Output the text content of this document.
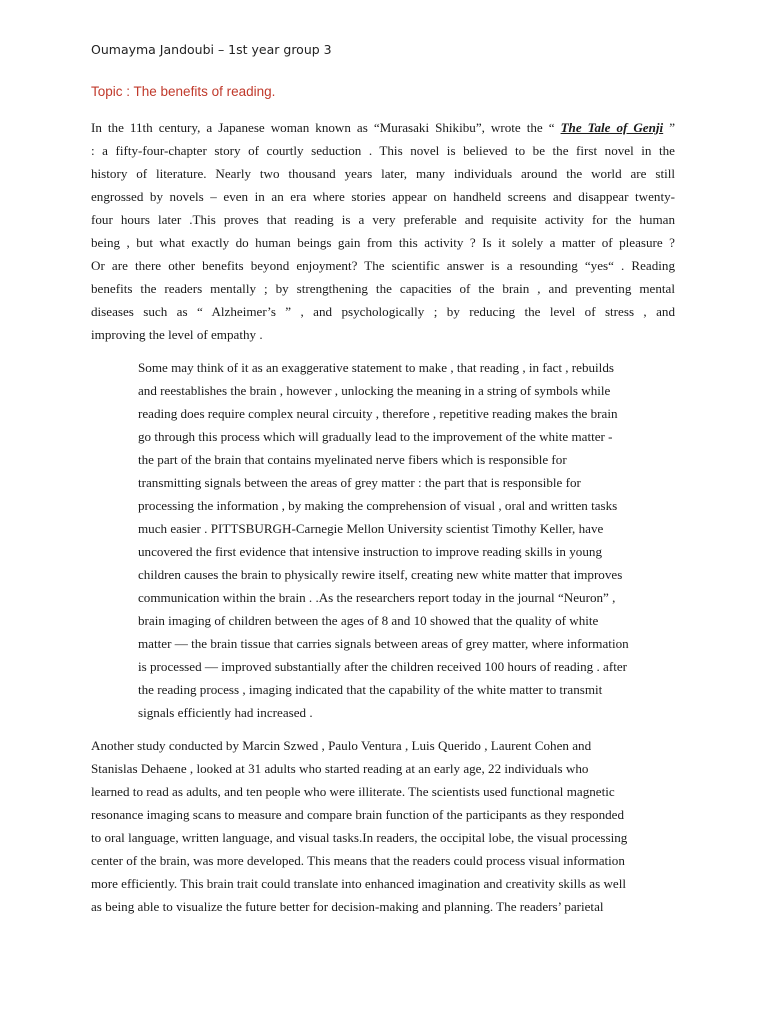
Oumayma Jandoubi – 1st year group 3
Topic : The benefits of reading.
In the 11th century, a Japanese woman known as “Murasaki Shikibu”, wrote the “ The Tale of Genji ”
: a fifty-four-chapter story of courtly seduction . This novel is believed to be the first novel in the
history of literature. Nearly two thousand years later, many individuals around the world are still
engrossed by novels – even in an era where stories appear on handheld screens and disappear twenty-
four hours later .This proves that reading is a very preferable and requisite activity for the human
being , but what exactly do human beings gain from this activity ? Is it solely a matter of pleasure ?
Or are there other benefits beyond enjoyment? The scientific answer is a resounding “yes“ . Reading
benefits the readers mentally ; by strengthening the capacities of the brain , and preventing mental
diseases such as “ Alzheimer’s ” , and psychologically ; by reducing the level of stress , and
improving the level of empathy .
Some may think of it as an exaggerative statement to make , that reading , in fact , rebuilds
and reestablishes the brain , however , unlocking the meaning in a string of symbols while
reading does require complex neural circuity , therefore , repetitive reading makes the brain
go through this process which will gradually lead to the improvement of the white matter -
the part of the brain that contains myelinated nerve fibers which is responsible for
transmitting signals between the areas of grey matter : the part that is responsible for
processing the information , by making the comprehension of visual , oral and written tasks
much easier . PITTSBURGH-Carnegie Mellon University scientist Timothy Keller, have
uncovered the first evidence that intensive instruction to improve reading skills in young
children causes the brain to physically rewire itself, creating new white matter that improves
communication within the brain . .As the researchers report today in the journal “Neuron” ,
brain imaging of children between the ages of 8 and 10 showed that the quality of white
matter — the brain tissue that carries signals between areas of grey matter, where information
is processed — improved substantially after the children received 100 hours of reading . after
the reading process , imaging indicated that the capability of the white matter to transmit
signals efficiently had increased .
Another study conducted by Marcin Szwed , Paulo Ventura , Luis Querido , Laurent Cohen and
Stanislas Dehaene , looked at 31 adults who started reading at an early age, 22 individuals who
learned to read as adults, and ten people who were illiterate. The scientists used functional magnetic
resonance imaging scans to measure and compare brain function of the participants as they responded
to oral language, written language, and visual tasks.In readers, the occipital lobe, the visual processing
center of the brain, was more developed. This means that the readers could process visual information
more efficiently. This brain trait could translate into enhanced imagination and creativity skills as well
as being able to visualize the future better for decision-making and planning. The readers’ parietal
